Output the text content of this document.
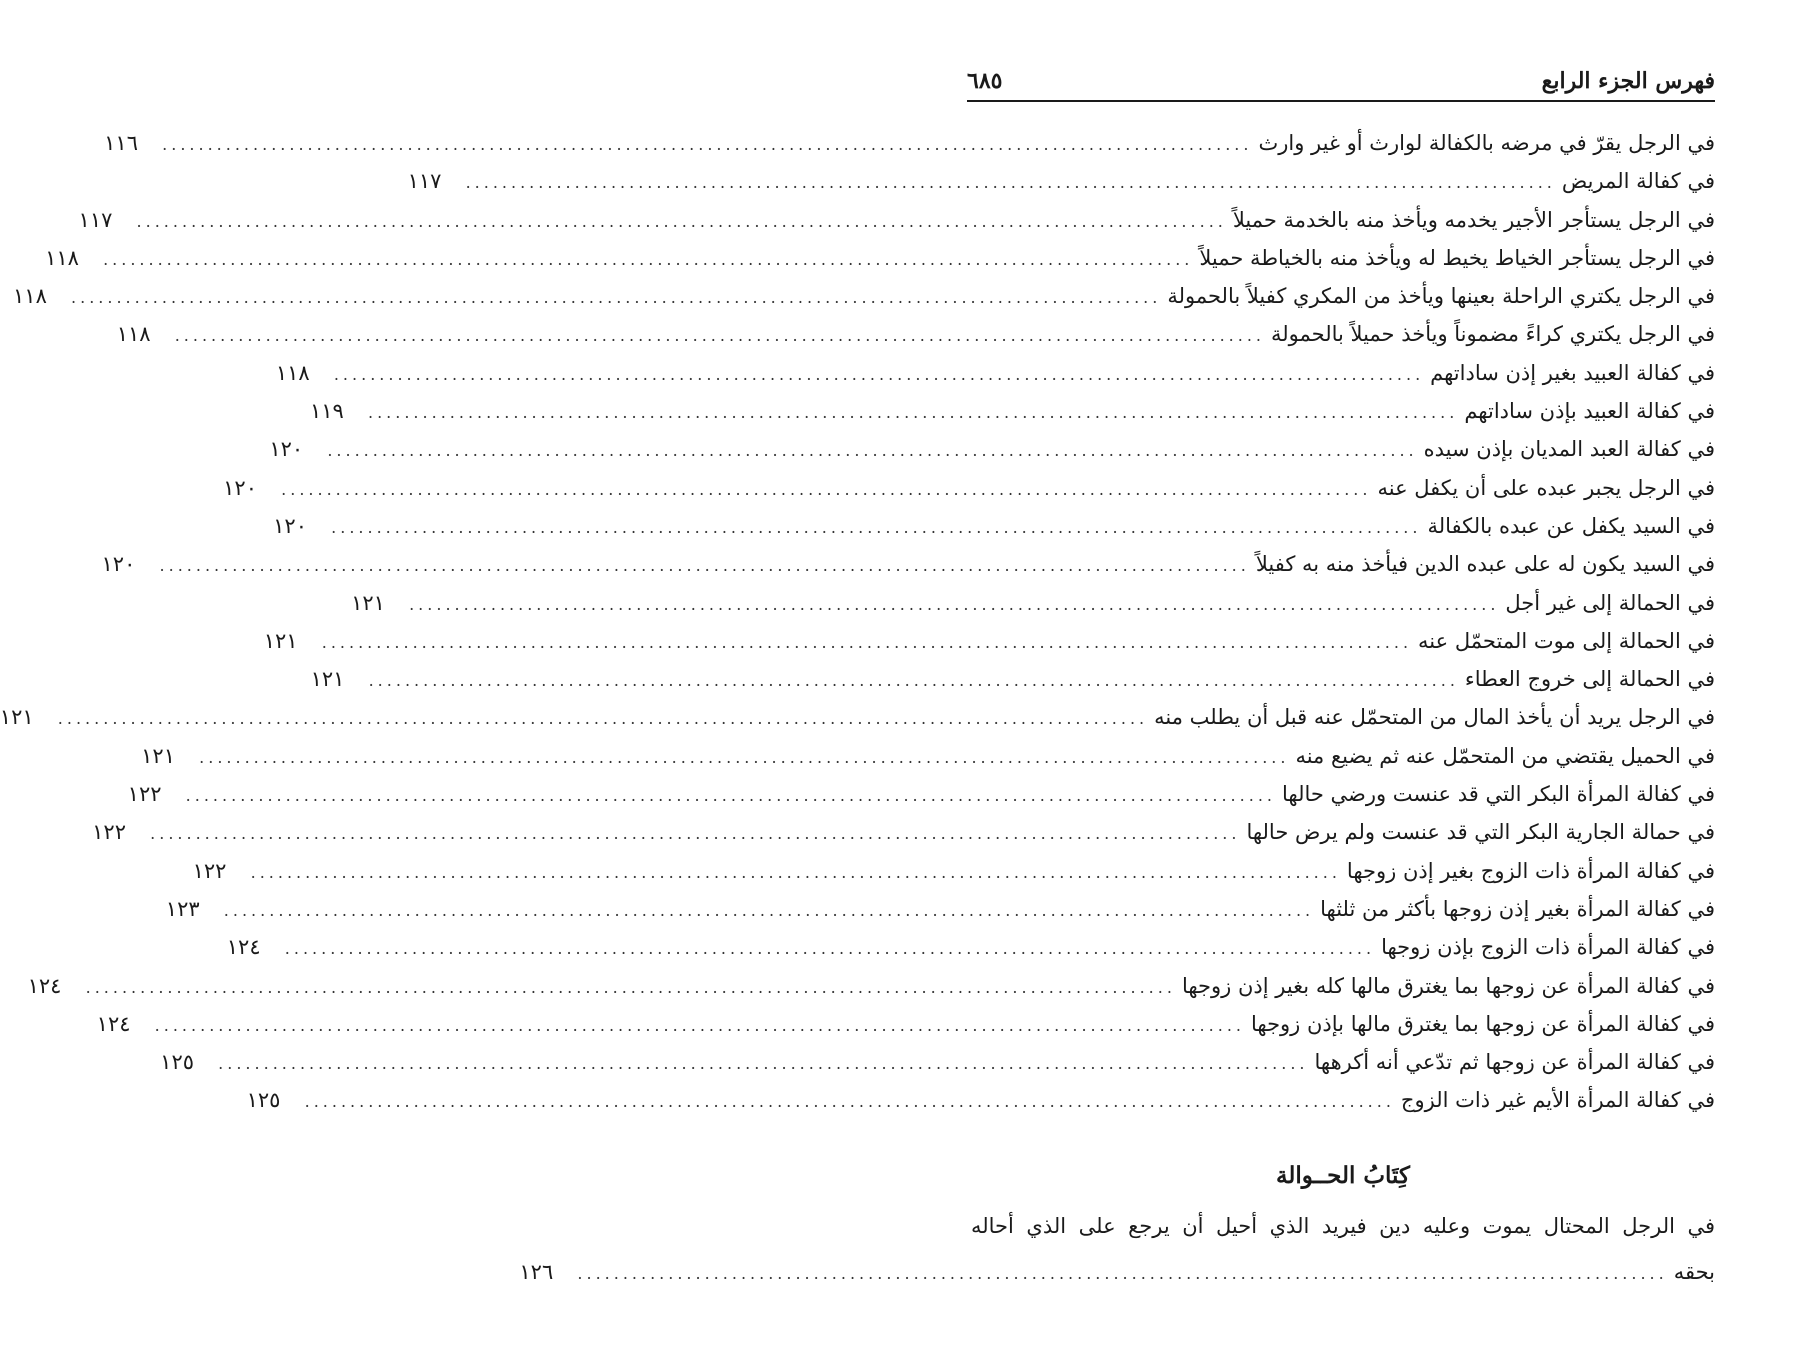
فهرس الجزء الرابع
٦٨٥
في الرجل يقرّ في مرضه بالكفالة لوارث أو غير وارث
........................................................................................................................
١١٦
في كفالة المريض
........................................................................................................................
١١٧
في الرجل يستأجر الأجير يخدمه ويأخذ منه بالخدمة حميلاً
........................................................................................................................
١١٧
في الرجل يستأجر الخياط يخيط له ويأخذ منه بالخياطة حميلاً
........................................................................................................................
١١٨
في الرجل يكتري الراحلة بعينها ويأخذ من المكري كفيلاً بالحمولة
........................................................................................................................
١١٨
في الرجل يكتري كراءً مضموناً ويأخذ حميلاً بالحمولة
........................................................................................................................
١١٨
في كفالة العبيد بغير إذن ساداتهم
........................................................................................................................
١١٨
في كفالة العبيد بإذن ساداتهم
........................................................................................................................
١١٩
في كفالة العبد المديان بإذن سيده
........................................................................................................................
١٢٠
في الرجل يجبر عبده على أن يكفل عنه
........................................................................................................................
١٢٠
في السيد يكفل عن عبده بالكفالة
........................................................................................................................
١٢٠
في السيد يكون له على عبده الدين فيأخذ منه به كفيلاً
........................................................................................................................
١٢٠
في الحمالة إلى غير أجل
........................................................................................................................
١٢١
في الحمالة إلى موت المتحمّل عنه
........................................................................................................................
١٢١
في الحمالة إلى خروج العطاء
........................................................................................................................
١٢١
في الرجل يريد أن يأخذ المال من المتحمّل عنه قبل أن يطلب منه
........................................................................................................................
١٢١
في الحميل يقتضي من المتحمّل عنه ثم يضيع منه
........................................................................................................................
١٢١
في كفالة المرأة البكر التي قد عنست ورضي حالها
........................................................................................................................
١٢٢
في حمالة الجارية البكر التي قد عنست ولم يرض حالها
........................................................................................................................
١٢٢
في كفالة المرأة ذات الزوج بغير إذن زوجها
........................................................................................................................
١٢٢
في كفالة المرأة بغير إذن زوجها بأكثر من ثلثها
........................................................................................................................
١٢٣
في كفالة المرأة ذات الزوج بإذن زوجها
........................................................................................................................
١٢٤
في كفالة المرأة عن زوجها بما يغترق مالها كله بغير إذن زوجها
........................................................................................................................
١٢٤
في كفالة المرأة عن زوجها بما يغترق مالها بإذن زوجها
........................................................................................................................
١٢٤
في كفالة المرأة عن زوجها ثم تدّعي أنه أكرهها
........................................................................................................................
١٢٥
في كفالة المرأة الأيم غير ذات الزوج
........................................................................................................................
١٢٥
كِتَابُ الحــوالة
في الرجل المحتال يموت وعليه دين فيريد الذي أحيل أن يرجع على الذي أحاله
بحقه
........................................................................................................................
١٢٦
